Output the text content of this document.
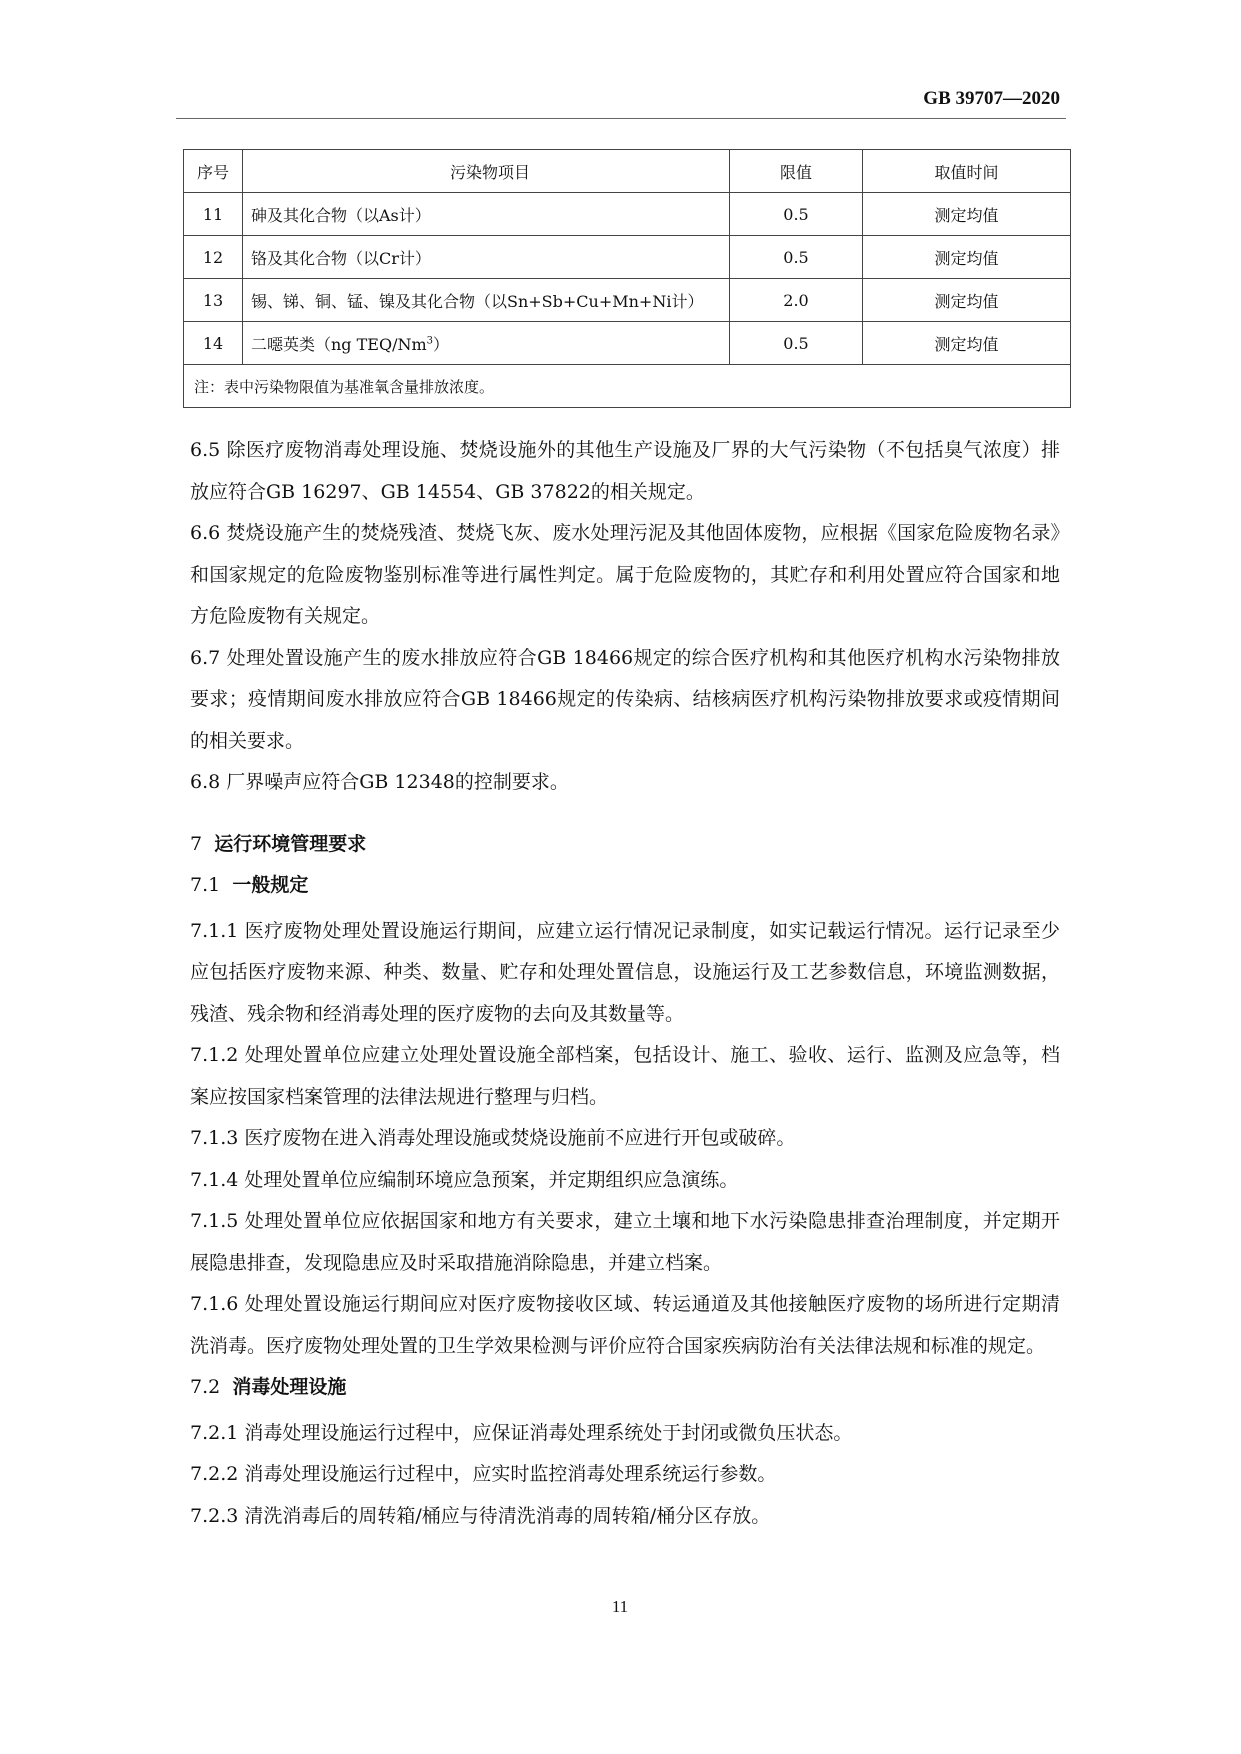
GB 39707—2020
序号	污染物项目	限值	取值时间
11	砷及其化合物（以As计）	0.5	测定均值
12	铬及其化合物（以Cr计）	0.5	测定均值
13	锡、锑、铜、锰、镍及其化合物（以Sn+Sb+Cu+Mn+Ni计）	2.0	测定均值
14	二噁英类（ng TEQ/Nm$^3$）	0.5	测定均值
注：表中污染物限值为基准氧含量排放浓度。			

6.5 除医疗废物消毒处理设施、焚烧设施外的其他生产设施及厂界的大气污染物（不包括臭气浓度）排放应符合GB 16297、GB 14554、GB 37822的相关规定。

6.6 焚烧设施产生的焚烧残渣、焚烧飞灰、废水处理污泥及其他固体废物，应根据《国家危险废物名录》和国家规定的危险废物鉴别标准等进行属性判定。属于危险废物的，其贮存和利用处置应符合国家和地方危险废物有关规定。

6.7 处理处置设施产生的废水排放应符合GB 18466规定的综合医疗机构和其他医疗机构水污染物排放要求；疫情期间废水排放应符合GB 18466规定的传染病、结核病医疗机构污染物排放要求或疫情期间的相关要求。

6.8 厂界噪声应符合GB 12348的控制要求。

7 运行环境管理要求

7.1 一般规定

7.1.1 医疗废物处理处置设施运行期间，应建立运行情况记录制度，如实记载运行情况。运行记录至少应包括医疗废物来源、种类、数量、贮存和处理处置信息，设施运行及工艺参数信息，环境监测数据，残渣、残余物和经消毒处理的医疗废物的去向及其数量等。

7.1.2 处理处置单位应建立处理处置设施全部档案，包括设计、施工、验收、运行、监测及应急等，档案应按国家档案管理的法律法规进行整理与归档。

7.1.3 医疗废物在进入消毒处理设施或焚烧设施前不应进行开包或破碎。

7.1.4 处理处置单位应编制环境应急预案，并定期组织应急演练。

7.1.5 处理处置单位应依据国家和地方有关要求，建立土壤和地下水污染隐患排查治理制度，并定期开展隐患排查，发现隐患应及时采取措施消除隐患，并建立档案。

7.1.6 处理处置设施运行期间应对医疗废物接收区域、转运通道及其他接触医疗废物的场所进行定期清洗消毒。医疗废物处理处置的卫生学效果检测与评价应符合国家疾病防治有关法律法规和标准的规定。

7.2 消毒处理设施

7.2.1 消毒处理设施运行过程中，应保证消毒处理系统处于封闭或微负压状态。

7.2.2 消毒处理设施运行过程中，应实时监控消毒处理系统运行参数。

7.2.3 清洗消毒后的周转箱/桶应与待清洗消毒的周转箱/桶分区存放。

11
